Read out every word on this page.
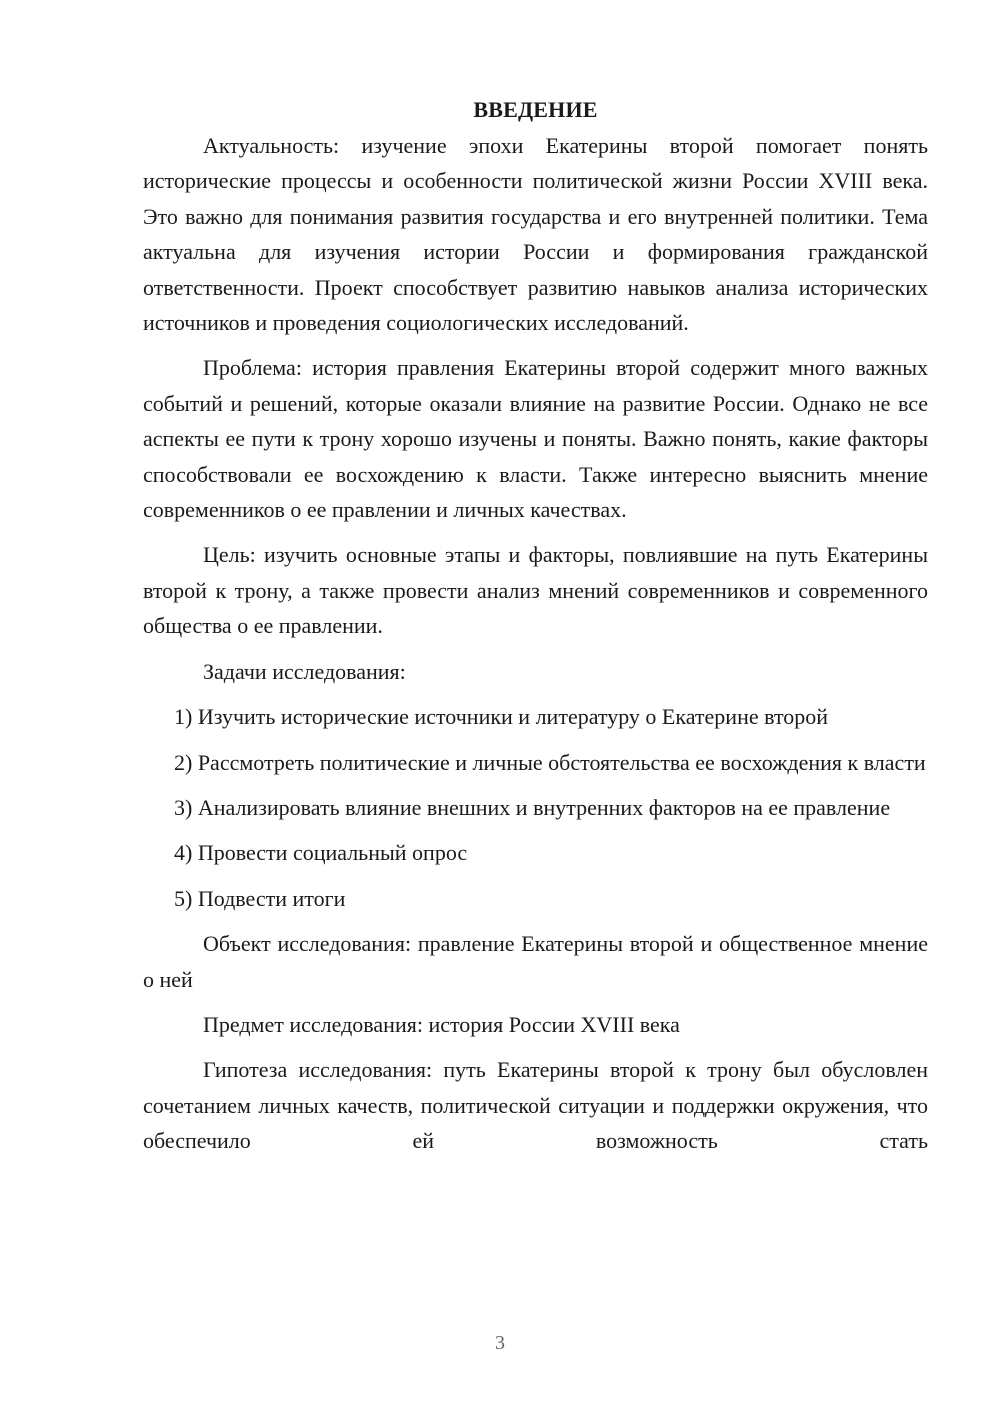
ВВЕДЕНИЕ

Актуальность: изучение эпохи Екатерины второй помогает понять исторические процессы и особенности политической жизни России XVIII века. Это важно для понимания развития государства и его внутренней политики. Тема актуальна для изучения истории России и формирования гражданской ответственности. Проект способствует развитию навыков анализа исторических источников и проведения социологических исследований.

Проблема: история правления Екатерины второй содержит много важных событий и решений, которые оказали влияние на развитие России. Однако не все аспекты ее пути к трону хорошо изучены и поняты. Важно понять, какие факторы способствовали ее восхождению к власти. Также интересно выяснить мнение современников о ее правлении и личных качествах.

Цель: изучить основные этапы и факторы, повлиявшие на путь Екатерины второй к трону, а также провести анализ мнений современников и современного общества о ее правлении.

Задачи исследования:

1) Изучить исторические источники и литературу о Екатерине второй

2) Рассмотреть политические и личные обстоятельства ее восхождения к власти

3) Анализировать влияние внешних и внутренних факторов на ее правление

4) Провести социальный опрос

5) Подвести итоги

Объект исследования: правление Екатерины второй и общественное мнение о ней

Предмет исследования: история России XVIII века

Гипотеза исследования: путь Екатерины второй к трону был обусловлен сочетанием личных качеств, политической ситуации и поддержки окружения, что обеспечило ей возможность стать

3
